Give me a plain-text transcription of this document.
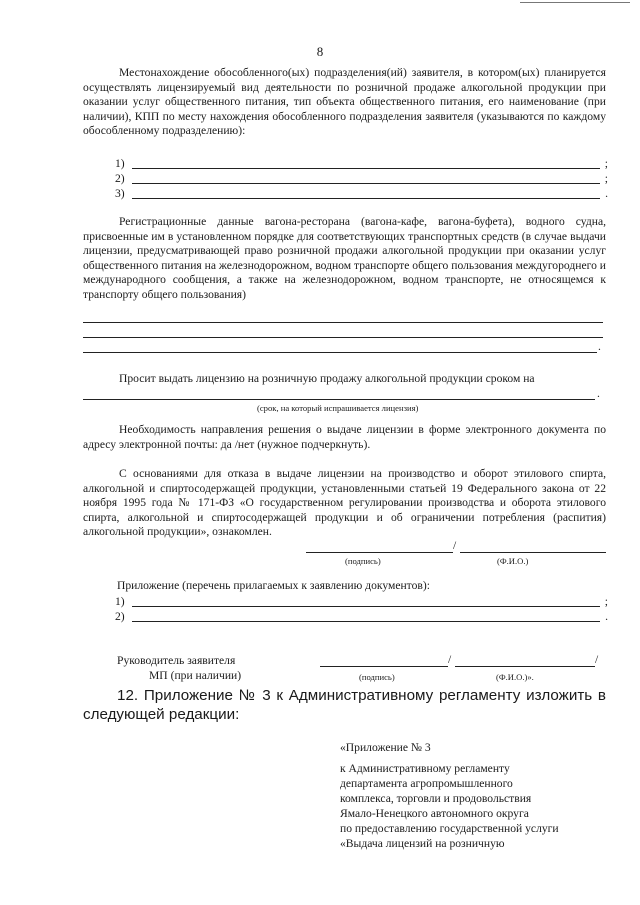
8

Местонахождение обособленного(ых) подразделения(ий) заявителя, в котором(ых) планируется осуществлять лицензируемый вид деятельности по розничной продаже алкогольной продукции при оказании услуг общественного питания, тип объекта общественного питания, его наименование (при наличии), КПП по месту нахождения обособленного подразделения заявителя (указываются по каждому обособленному подразделению):

1)	;
2)	;
3)	.

Регистрационные данные вагона-ресторана (вагона-кафе, вагона-буфета), водного судна, присвоенные им в установленном порядке для соответствующих транспортных средств (в случае выдачи лицензии, предусматривающей право розничной продажи алкогольной продукции при оказании услуг общественного питания на железнодорожном, водном транспорте общего пользования междугороднего и международного сообщения, а также на железнодорожном, водном транспорте, не относящемся к транспорту общего пользования)

.
Просит выдать лицензию на розничную продажу алкогольной продукции сроком на
.
(срок, на который испрашивается лицензия)

Необходимость направления решения о выдаче лицензии в форме электронного документа по адресу электронной почты: да /нет (нужное подчеркнуть).

С основаниями для отказа в выдаче лицензии на производство и оборот этилового спирта, алкогольной и спиртосодержащей продукции, установленными статьей 19 Федерального закона от 22 ноября 1995 года № 171-ФЗ «О государственном регулировании производства и оборота этилового спирта, алкогольной и спиртосодержащей продукции и об ограничении потребления (распития) алкогольной продукции», ознакомлен.

/
(подпись)	(Ф.И.О.)
Приложение (перечень прилагаемых к заявлению документов):
1)	;
2)	.
Руководитель заявителя
МП (при наличии)
/	/
(подпись)	(Ф.И.О.)».

12. Приложение № 3 к Административному регламенту изложить в
следующей редакции:

«Приложение № 3
к Административному регламенту
департамента агропромышленного
комплекса, торговли и продовольствия
Ямало-Ненецкого автономного округа
по предоставлению государственной услуги
«Выдача лицензий на розничную
